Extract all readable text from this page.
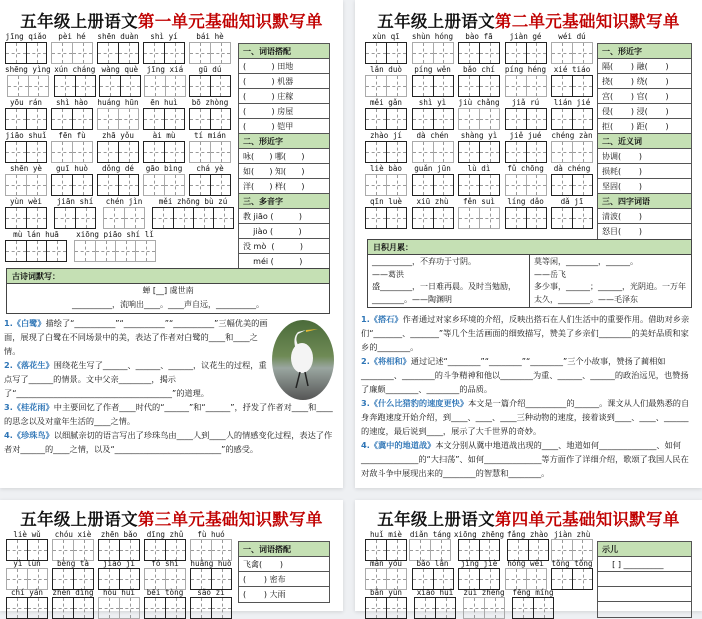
五年级上册语文第一单元基础知识默写单
jīng qiǎo pèi hé shēn duàn shì yí bái hè
shēng yìng xún cháng wàng què jīng xiá gū dú
yōu rán shì hào huáng hūn ēn huì bō zhòng
jiāo shuǐ fēn fù zhā yǒu ài mù tí mián
shēn yè guī huò dǒng dé gāo bìng chá yè
yùn wèi jiān shí chén jìn měi zhōng bù zú
mù lán huā xiōng piāo shí lǐ
一、词语搭配
(          ) 田地
(          ) 机器
(          ) 庄稼
(          ) 房屋
(          ) 铠甲
二、形近字
咏(      ) 哪(      )
如(      ) 知(      )
洋(      ) 样(      )
三、多音字
教 jiāo (          )
jiào (          )
没 mò  (          )
méi (          )
古诗词默写：
蝉 [__] 虞世南
__________，流响出____。____声自远，__________。

1.《白鹭》描绘了“__________”“__________”“__________”三幅优美的画面，展现了白鹭在不同场景中的美，表达了作者对白鹭的____和____之情。

2.《落花生》围绕花生写了______、______、______，议花生的过程，重点写了______的情景。文中父亲________，揭示了“______________________________________”的道理。

3.《桂花雨》中主要回忆了作者____时代的“______”和“______”，抒发了作者对____和____的思念以及对童年生活的____之情。

4.《珍珠鸟》以细腻亲切的语言写出了珍珠鸟由____人到____人的情感变化过程，表达了作者对______的____之情，以及“__________________________”的感受。

五年级上册语文第二单元基础知识默写单
xùn qī shùn hóng bào fā jiàn gé wéi dú
lǎn duò píng wěn bǎo chí píng héng xié tiáo
měi gǎn shì yì jiù chǎng jiǎ rú lián jié
zhào jí dà chén shàng yì jiě jué chéng zàn
liè bào guǎn jūn lù dì fǔ chōng dà chéng
qīn luè xiū zhù fěn suì líng dǎo dǎ jī
一、形近字
隔(       ) 融(       )
挠(       ) 绕(       )
宫(       ) 官(       )
侵(       ) 浸(       )
拒(       ) 距(       )
二、近义词
协调(       )
损耗(       )
坚固(       )
三、四字词语
清波(       )
怒目(       )
日积月累：
__________，不弃功于寸阴。
——葛洪
盛________，一日难再晨。及时当勉励，________。——陶渊明
莫等闲，________，______。
——岳飞
多少事，______；______，光阴迫。一万年太久，________。——毛泽东

1.《搭石》作者通过对家乡环境的介绍，反映出搭石在人们生活中的重要作用。借助对乡亲们“_______、_______”等几个生活画面的细致描写，赞美了乡亲们________的美好品质和家乡的________。

2.《将相和》通过记述“________”“________”“________”三个小故事，赞扬了蔺相如________、________的斗争精神和他以________为重、______、______的政治远见，也赞扬了廉颇________、________的品质。

3.《什么比猎豹的速度更快》本文是一篇介绍__________的______。课文从人们最熟悉的自身奔跑速度开始介绍，到____、____、____三种动物的速度，接着谈到____、____、______的速度，最后说到____，展示了大千世界的奇妙。

4.《冀中的地道战》本文分别从冀中地道战出现的____、地道如何______________、如何______________的“大扫荡”、如何______________等方面作了详细介绍，歌颂了我国人民在对敌斗争中展现出来的________的智慧和________。

五年级上册语文第三单元基础知识默写单
liè wǔ chóu xiè zhēn bǎo dīng zhǔ fù huó
yì lùn bèng tà jiāo jí fó shì huǎng huò
chí yán zhèn dìng hòu huǐ bēi tòng sǎo zi
一、词语搭配
飞禽(       )
(       ) 密布
(       ) 大雨
五年级上册语文第四单元基础知识默写单
huǐ miè diǎn táng xiōng zhēng fǎng zhào jiàn zhù
mán yóu bǎo lǎn jìng jiè hóng wěi tǒng tǒng
bǎn yùn xiāo huǐ zuì zhēng fēng míng
示儿
[ ] __________
